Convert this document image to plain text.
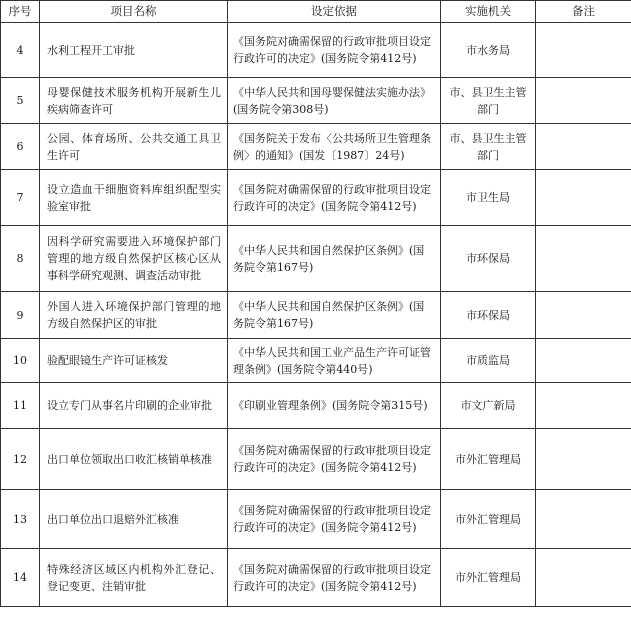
序号	项目名称	设定依据	实施机关	备注
4	水利工程开工审批	《国务院对确需保留的行政审批项目设定行政许可的决定》(国务院令第412号)	市水务局	
5	母婴保健技术服务机构开展新生儿疾病筛查许可	《中华人民共和国母婴保健法实施办法》(国务院令第308号)	市、县卫生主管部门	
6	公园、体育场所、公共交通工具卫生许可	《国务院关于发布〈公共场所卫生管理条例〉的通知》(国发〔1987〕24号)	市、县卫生主管部门	
7	设立造血干细胞资料库组织配型实验室审批	《国务院对确需保留的行政审批项目设定行政许可的决定》(国务院令第412号)	市卫生局	
8	因科学研究需要进入环境保护部门管理的地方级自然保护区核心区从事科学研究观测、调查活动审批	《中华人民共和国自然保护区条例》(国务院令第167号)	市环保局	
9	外国人进入环境保护部门管理的地方级自然保护区的审批	《中华人民共和国自然保护区条例》(国务院令第167号)	市环保局	
10	验配眼镜生产许可证核发	《中华人民共和国工业产品生产许可证管理条例》(国务院令第440号)	市质监局	
11	设立专门从事名片印刷的企业审批	《印刷业管理条例》(国务院令第315号)	市文广新局	
12	出口单位领取出口收汇核销单核准	《国务院对确需保留的行政审批项目设定行政许可的决定》(国务院令第412号)	市外汇管理局	
13	出口单位出口退赔外汇核准	《国务院对确需保留的行政审批项目设定行政许可的决定》(国务院令第412号)	市外汇管理局	
14	特殊经济区域区内机构外汇登记、登记变更、注销审批	《国务院对确需保留的行政审批项目设定行政许可的决定》(国务院令第412号)	市外汇管理局	
